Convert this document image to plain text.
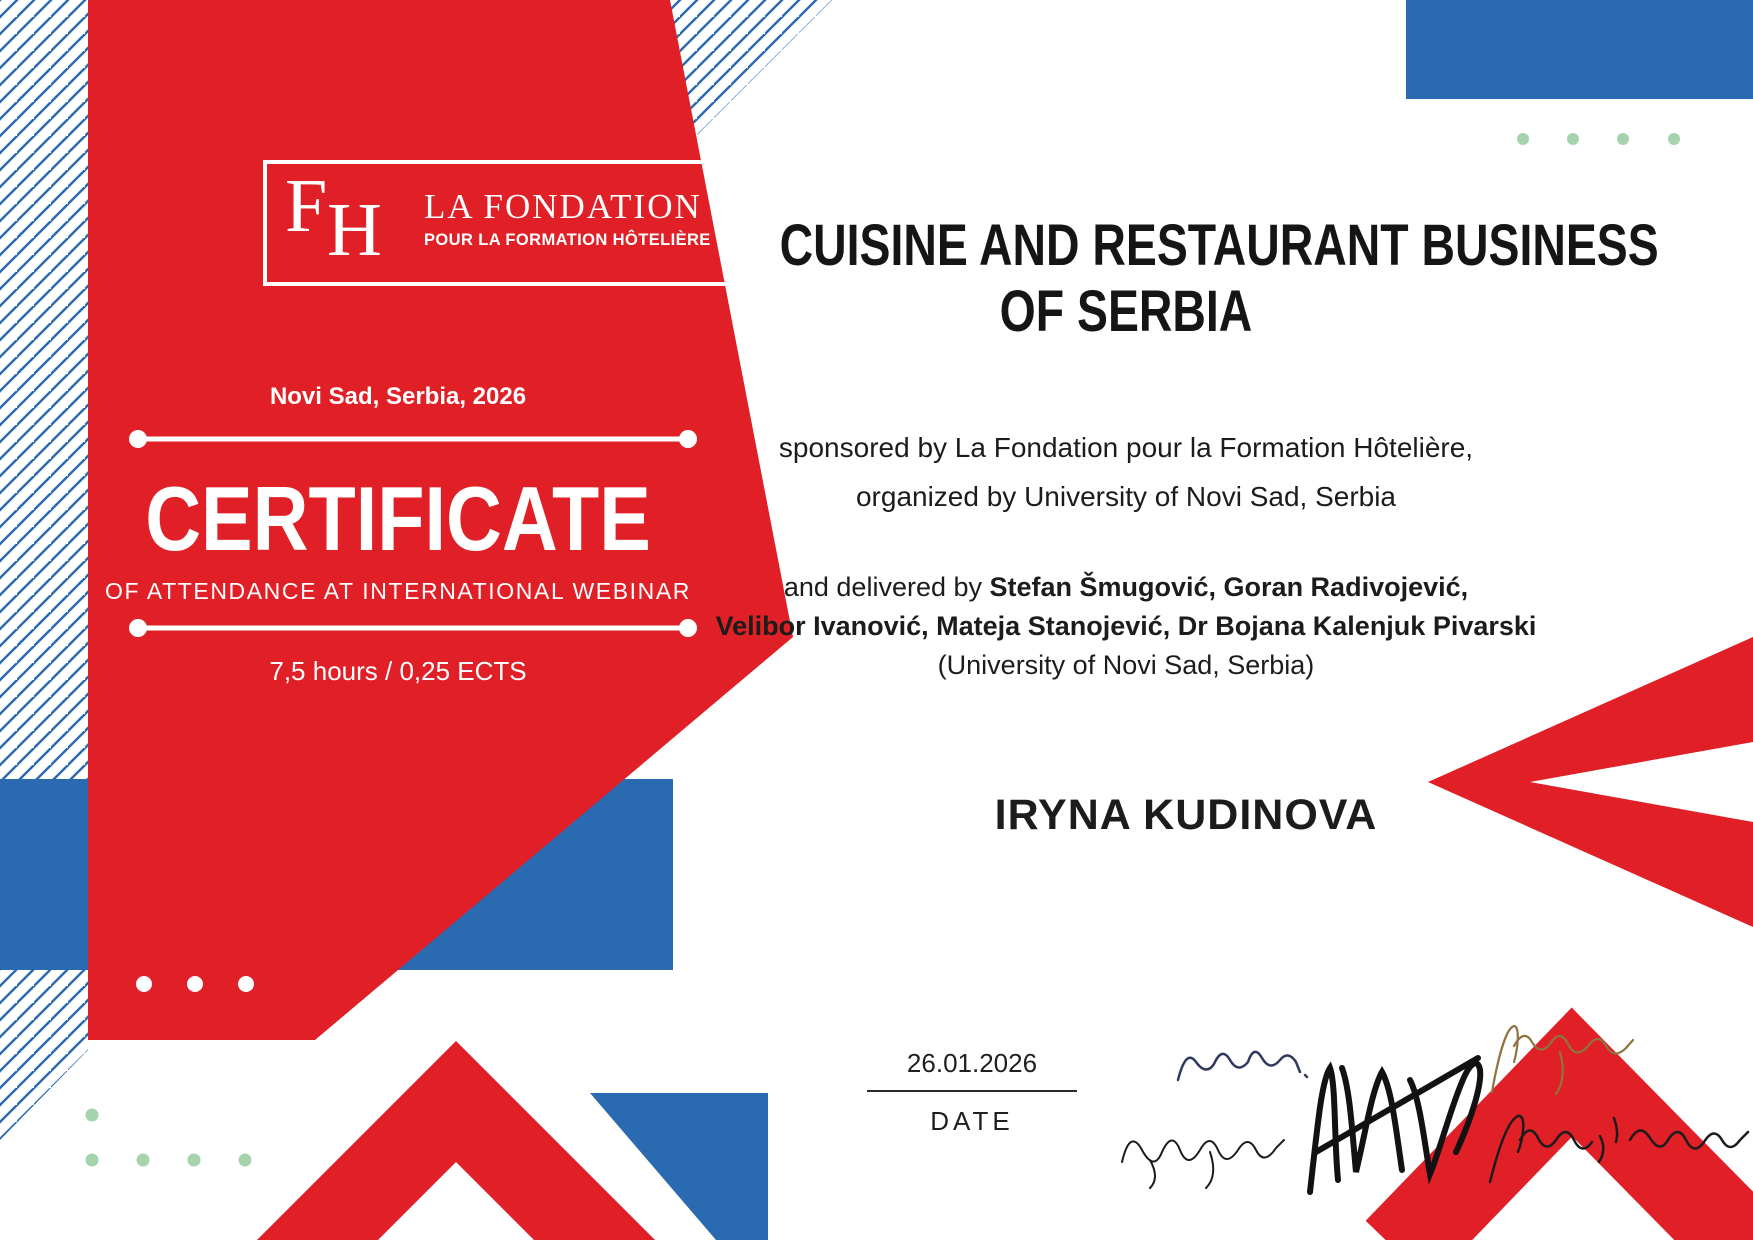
F H LA FONDATION
POUR LA FORMATION HÔTELIÈRE
Novi Sad, Serbia, 2026
CERTIFICATE
OF ATTENDANCE AT INTERNATIONAL WEBINAR
7,5 hours / 0,25 ECTS
CUISINE AND RESTAURANT BUSINESS
OF SERBIA
sponsored by La Fondation pour la Formation Hôtelière,
organized by University of Novi Sad, Serbia
and delivered by Stefan Šmugović, Goran Radivojević,
Velibor Ivanović, Mateja Stanojević, Dr Bojana Kalenjuk Pivarski
(University of Novi Sad, Serbia)
IRYNA KUDINOVA
26.01.2026
DATE
